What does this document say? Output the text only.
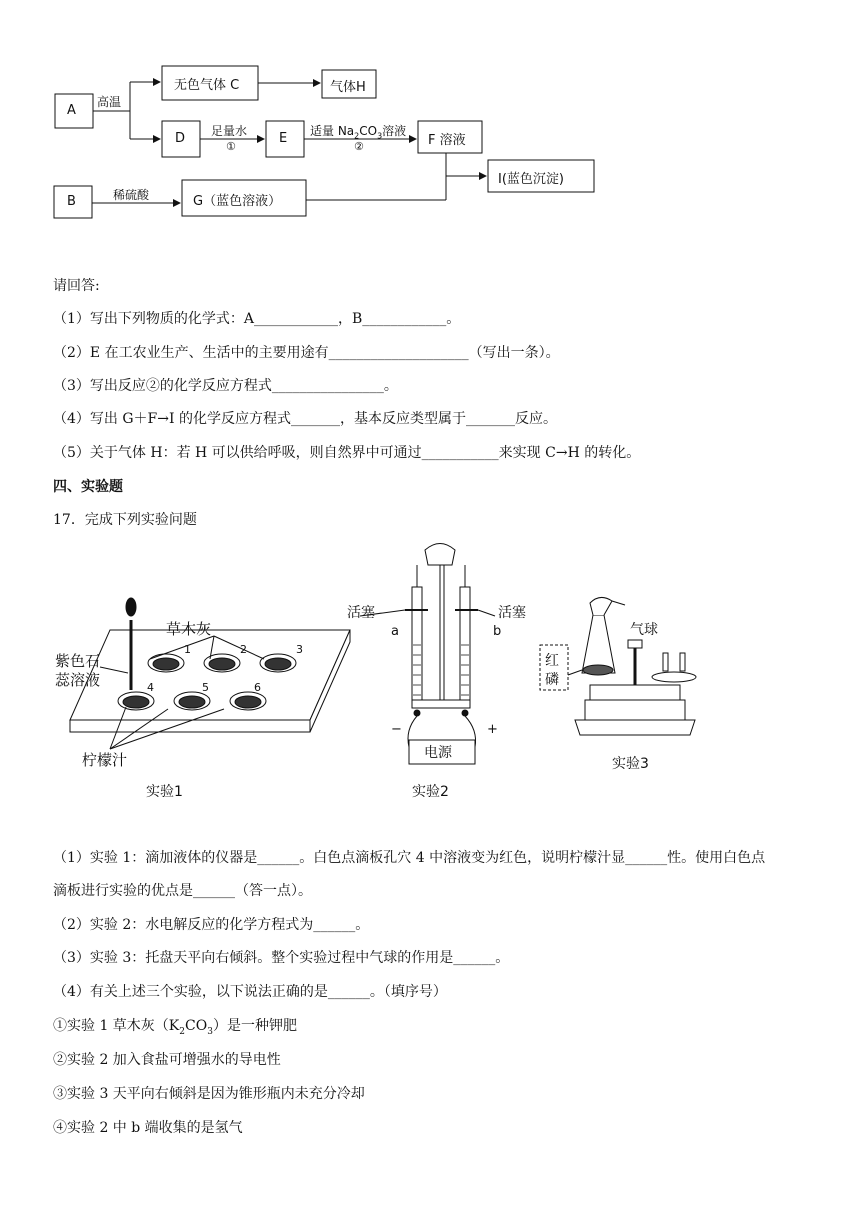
A
无色气体 C	气体H
D	E	F 溶液
I(蓝色沉淀)
B	G（蓝色溶液）
高温
足量水
①
适量 $Na_2CO_3$溶液
②
稀硫酸
请回答:
（1）写出下列物质的化学式：A____________，B____________。
（2）E 在工农业生产、生活中的主要用途有____________________（写出一条）。
（3）写出反应②的化学反应方程式________________。
（4）写出 G＋F→I 的化学反应方程式_______，基本反应类型属于_______反应。
（5）关于气体 H：若 H 可以供给呼吸，则自然界中可通过___________来实现 C→H 的转化。
四、实验题
17．完成下列实验问题
草木灰
紫色石
蕊溶液
柠檬汁
1	2	3
4	5	6
实验1
活塞	活塞
a	b
电源
−	+
实验2
气球
红
磷
实验3
（1）实验 1：滴加液体的仪器是______。白色点滴板孔穴 4 中溶液变为红色，说明柠檬汁显______性。使用白色点
滴板进行实验的优点是______（答一点）。
（2）实验 2：水电解反应的化学方程式为______。
（3）实验 3：托盘天平向右倾斜。整个实验过程中气球的作用是______。
（4）有关上述三个实验，以下说法正确的是______。（填序号）
①实验 1 草木灰$(K_2CO_3)$是一种钾肥
②实验 2 加入食盐可增强水的导电性
③实验 3 天平向右倾斜是因为锥形瓶内未充分冷却
④实验 2 中 b 端收集的是氢气
